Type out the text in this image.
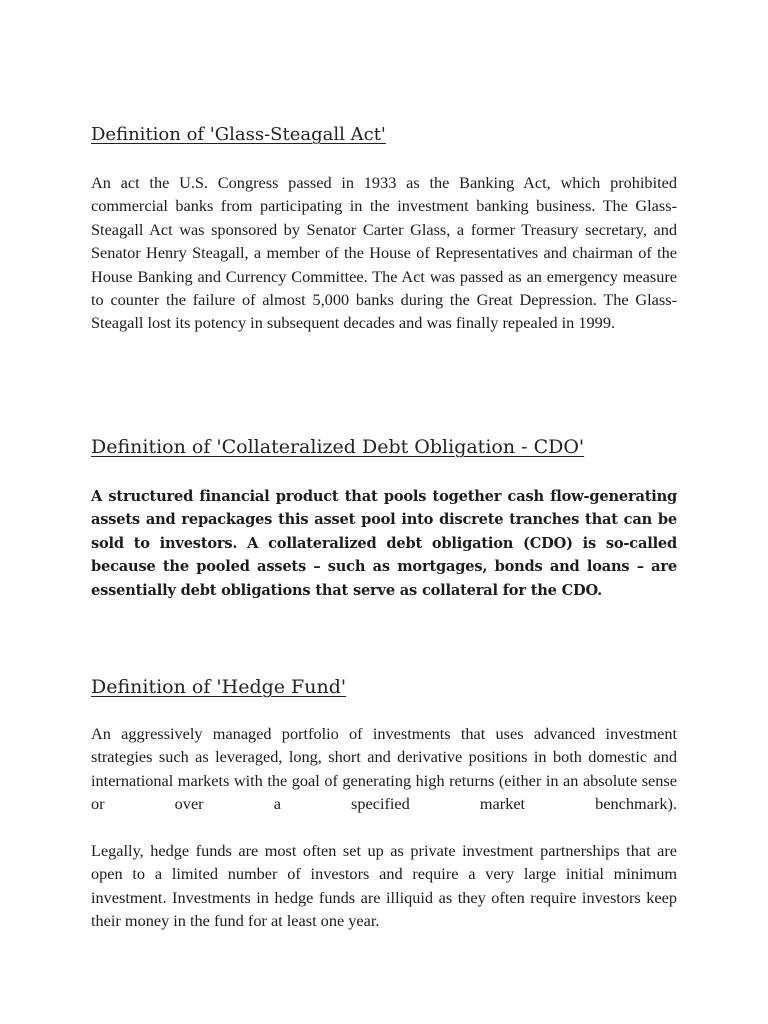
Definition of 'Glass-Steagall Act'

An act the U.S. Congress passed in 1933 as the Banking Act, which prohibited commercial banks from participating in the investment banking business. The Glass-Steagall Act was sponsored by Senator Carter Glass, a former Treasury secretary, and Senator Henry Steagall, a member of the House of Representatives and chairman of the House Banking and Currency Committee. The Act was passed as an emergency measure to counter the failure of almost 5,000 banks during the Great Depression. The Glass-Steagall lost its potency in subsequent decades and was finally repealed in 1999.

Definition of 'Collateralized Debt Obligation - CDO'

A structured financial product that pools together cash flow-generating assets and repackages this asset pool into discrete tranches that can be sold to investors. A collateralized debt obligation (CDO) is so-called because the pooled assets – such as mortgages, bonds and loans – are essentially debt obligations that serve as collateral for the CDO.

Definition of 'Hedge Fund'

An aggressively managed portfolio of investments that uses advanced investment strategies such as leveraged, long, short and derivative positions in both domestic and international markets with the goal of generating high returns (either in an absolute sense or over a specified market benchmark).

Legally, hedge funds are most often set up as private investment partnerships that are open to a limited number of investors and require a very large initial minimum investment. Investments in hedge funds are illiquid as they often require investors keep their money in the fund for at least one year.
